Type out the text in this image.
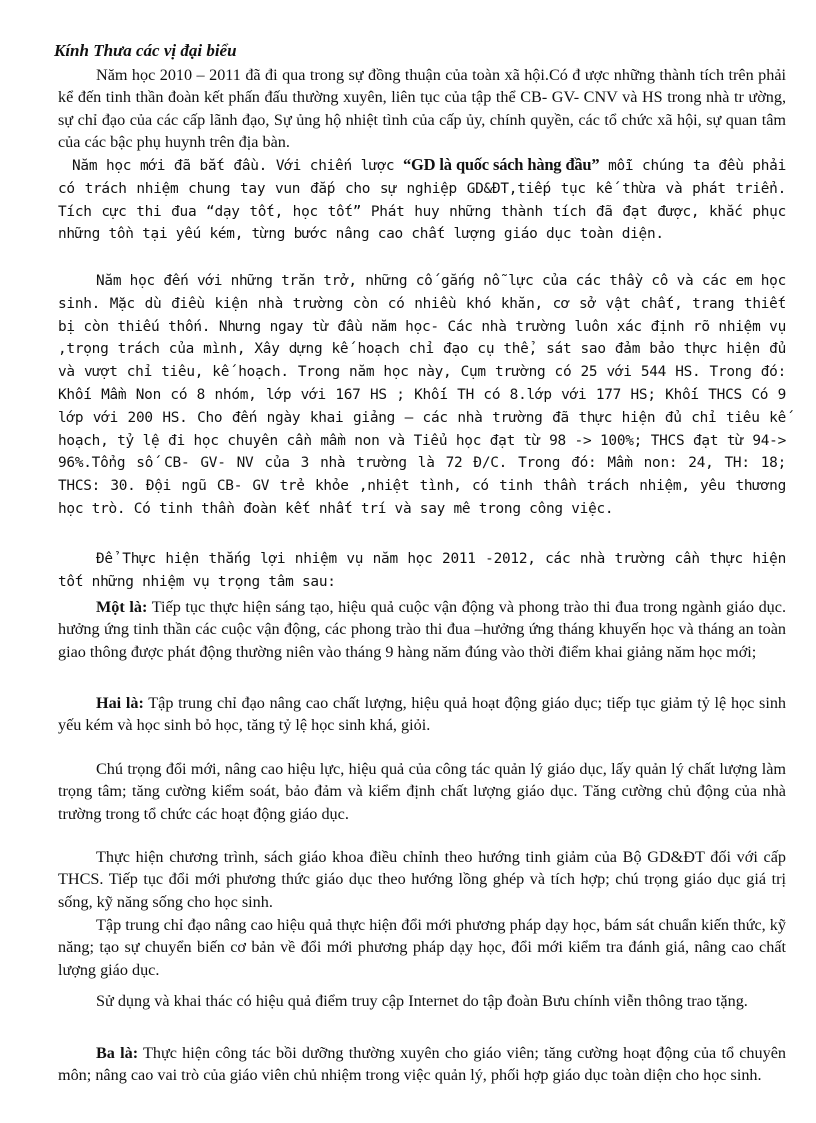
Kính Thưa các vị đại biểu

Năm học 2010 – 2011 đã đi qua trong sự đồng thuận của toàn xã hội.Có đ ược những thành tích trên phải kể đến tinh thần đoàn kết phấn đấu thường xuyên, liên tục của tập thể CB- GV- CNV và HS trong nhà tr ường, sự chỉ đạo của các cấp lãnh đạo, Sự ủng hộ nhiệt tình của cấp ủy, chính quyền, các tổ chức xã hội, sự quan tâm của các bậc phụ huynh trên địa bàn.

Năm học mới đã bắt đầu. Với chiến lược “GD là quốc sách hàng đầu” mỗi chúng ta đều phải có trách nhiệm chung tay vun đắp cho sự nghiệp GD&ĐT,tiếp tục kế thừa và phát triển. Tích cực thi đua “dạy tốt, học tốt” Phát huy những thành tích đã đạt được, khắc phục những tồn tại yếu kém, từng bước nâng cao chất lượng giáo dục toàn diện.

Năm học đến với những trăn trở, những cố gắng nỗ lực của các thầy cô và các em học sinh. Mặc dù điều kiện nhà trường còn có nhiều khó khăn, cơ sở vật chất, trang thiết bị còn thiếu thốn. Nhưng ngay từ đầu năm học- Các nhà trường luôn xác định rõ nhiệm vụ ,trọng trách của mình, Xây dựng kế hoạch chỉ đạo cụ thể, sát sao đảm bảo thực hiện đủ và vượt chỉ tiêu, kế hoạch. Trong năm học này, Cụm trường có 25 với 544 HS. Trong đó: Khối Mầm Non có 8 nhóm, lớp với 167 HS ; Khối TH có 8.lớp với 177 HS; Khối THCS Có 9 lớp với 200 HS. Cho đến ngày khai giảng – các nhà trường đã thực hiện đủ chỉ tiêu kế hoạch, tỷ lệ đi học chuyên cần mầm non và Tiểu học đạt từ 98 -> 100%; THCS đạt từ 94-> 96%.Tổng số CB- GV- NV của 3 nhà trường là 72 Đ/C. Trong đó: Mầm non: 24, TH: 18; THCS: 30. Đội ngũ CB- GV trẻ khỏe ,nhiệt tình, có tinh thần trách nhiệm, yêu thương học trò. Có tinh thần đoàn kết nhất trí và say mê trong công việc.

Để Thực hiện thắng lợi nhiệm vụ năm học 2011 -2012, các nhà trường cần thực hiện tốt những nhiệm vụ trọng tâm sau:

Một là: Tiếp tục thực hiện sáng tạo, hiệu quả cuộc vận động và phong trào thi đua trong ngành giáo dục. hưởng ứng tinh thần các cuộc vận động, các phong trào thi đua –hưởng ứng tháng khuyến học và tháng an toàn giao thông được phát động thường niên vào tháng 9 hàng năm đúng vào thời điểm khai giảng năm học mới;

Hai là: Tập trung chỉ đạo nâng cao chất lượng, hiệu quả hoạt động giáo dục; tiếp tục giảm tỷ lệ học sinh yếu kém và học sinh bỏ học, tăng tỷ lệ học sinh khá, giỏi.

Chú trọng đổi mới, nâng cao hiệu lực, hiệu quả của công tác quản lý giáo dục, lấy quản lý chất lượng làm trọng tâm; tăng cường kiểm soát, bảo đảm và kiểm định chất lượng giáo dục. Tăng cường chủ động của nhà trường trong tổ chức các hoạt động giáo dục.

Thực hiện chương trình, sách giáo khoa điều chỉnh theo hướng tinh giảm của Bộ GD&ĐT đối với cấp THCS. Tiếp tục đổi mới phương thức giáo dục theo hướng lồng ghép và tích hợp; chú trọng giáo dục giá trị sống, kỹ năng sống cho học sinh.

Tập trung chỉ đạo nâng cao hiệu quả thực hiện đổi mới phương pháp dạy học, bám sát chuẩn kiến thức, kỹ năng; tạo sự chuyển biến cơ bản về đổi mới phương pháp dạy học, đổi mới kiểm tra đánh giá, nâng cao chất lượng giáo dục.

Sử dụng và khai thác có hiệu quả điểm truy cập Internet do tập đoàn Bưu chính viễn thông trao tặng.

Ba là: Thực hiện công tác bồi dưỡng thường xuyên cho giáo viên; tăng cường hoạt động của tổ chuyên môn; nâng cao vai trò của giáo viên chủ nhiệm trong việc quản lý, phối hợp giáo dục toàn diện cho học sinh.
